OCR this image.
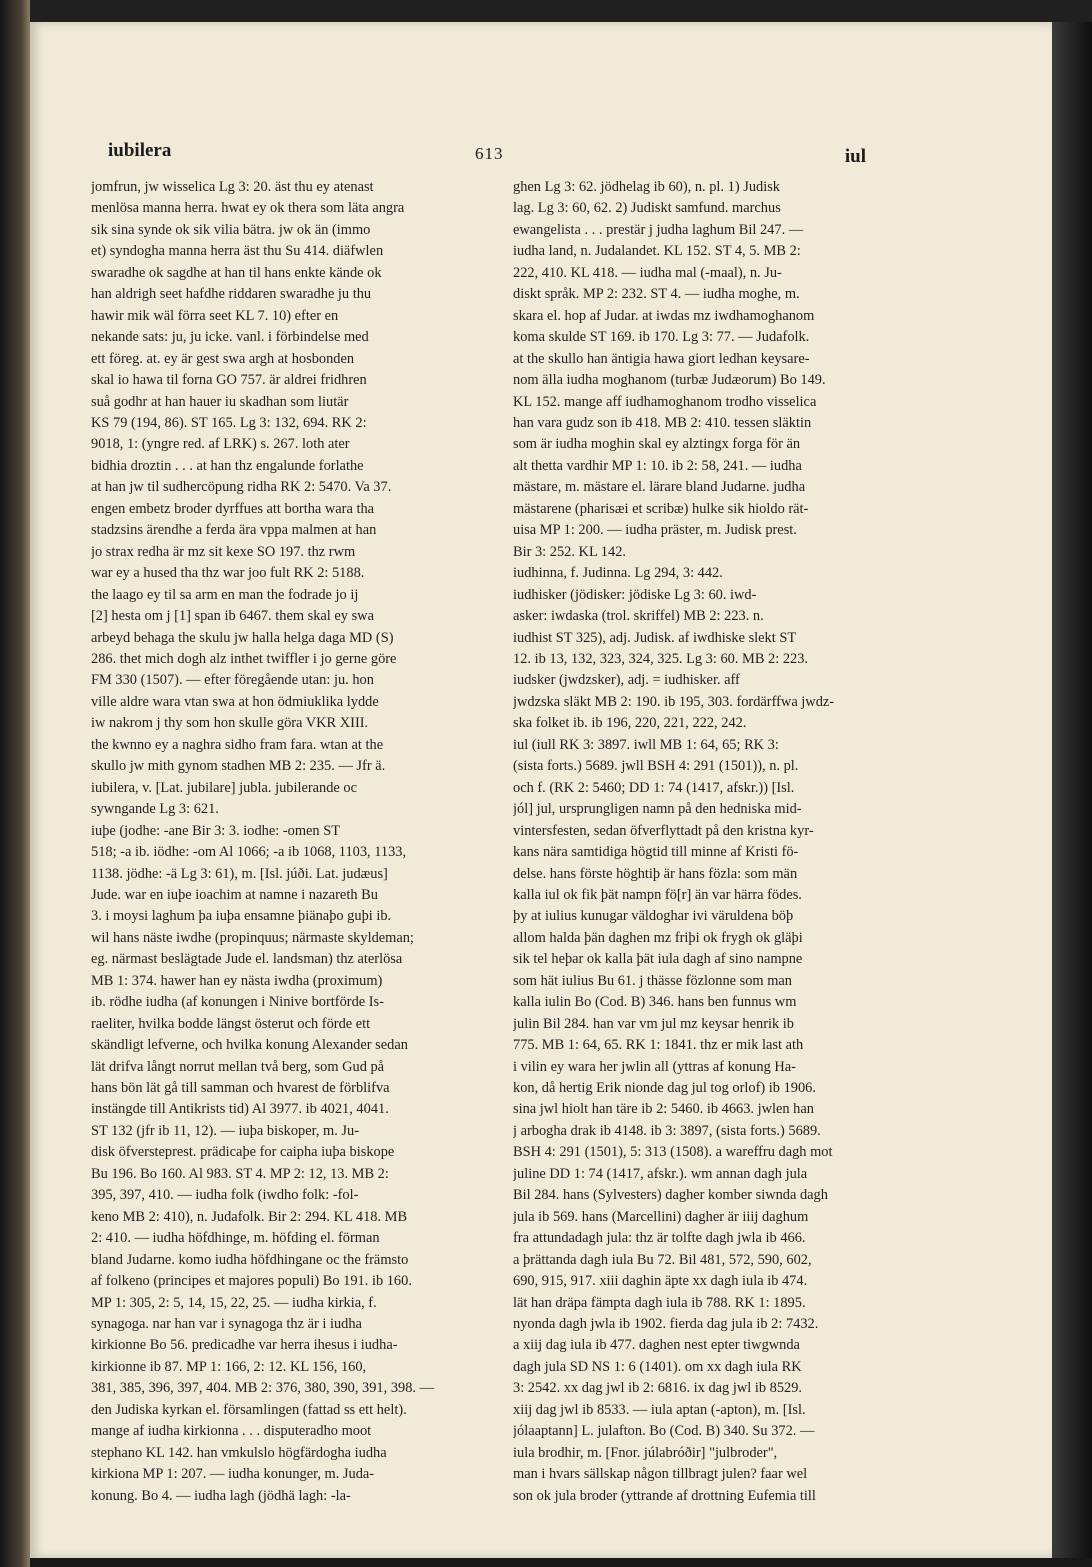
iubilera	613	iul
jomfrun, jw wisselica Lg 3: 20. äst thu ey atenast
menlösa manna herra. hwat ey ok thera som läta angra
sik sina synde ok sik vilia bätra. jw ok än (immo
et) syndogha manna herra äst thu Su 414. diäfwlen
swaradhe ok sagdhe at han til hans enkte kände ok
han aldrigh seet hafdhe riddaren swaradhe ju thu
hawir mik wäl förra seet KL 7. 10) efter en
nekande sats: ju, ju icke. vanl. i förbindelse med
ett föreg. at. ey är gest swa argh at hosbonden
skal io hawa til forna GO 757. är aldrei fridhren
suå godhr at han hauer iu skadhan som liutär
KS 79 (194, 86). ST 165. Lg 3: 132, 694. RK 2:
9018, 1: (yngre red. af LRK) s. 267. loth ater
bidhia droztin . . . at han thz engalunde forlathe
at han jw til sudhercöpung ridha RK 2: 5470. Va 37.
engen embetz broder dyrffues att bortha wara tha
stadzsins ärendhe a ferda ära vppa malmen at han
jo strax redha är mz sit kexe SO 197. thz rwm
war ey a hused tha thz war joo fult RK 2: 5188.
the laago ey til sa arm en man the fodrade jo ij
[2] hesta om j [1] span ib 6467. them skal ey swa
arbeyd behaga the skulu jw halla helga daga MD (S)
286. thet mich dogh alz inthet twiffler i jo gerne göre
FM 330 (1507). — efter föregående utan: ju. hon
ville aldre wara vtan swa at hon ödmiuklika lydde
iw nakrom j thy som hon skulle göra VKR XIII.
the kwnno ey a naghra sidho fram fara. wtan at the
skullo jw mith gynom stadhen MB 2: 235. — Jfr ä.
iubilera, v. [Lat. jubilare] jubla. jubilerande oc
sywngande Lg 3: 621.
iuþe (jodhe: -ane Bir 3: 3. iodhe: -omen ST
518; -a ib. iödhe: -om Al 1066; -a ib 1068, 1103, 1133,
1138. jödhe: -ä Lg 3: 61), m. [Isl. júði. Lat. judæus]
Jude. war en iuþe ioachim at namne i nazareth Bu
3. i moysi laghum þa iuþa ensamne þiänaþo guþi ib.
wil hans näste iwdhe (propinquus; närmaste skyldeman;
eg. närmast beslägtade Jude el. landsman) thz aterlösa
MB 1: 374. hawer han ey nästa iwdha (proximum)
ib. rödhe iudha (af konungen i Ninive bortförde Is-
raeliter, hvilka bodde längst österut och förde ett
skändligt lefverne, och hvilka konung Alexander sedan
lät drifva långt norrut mellan två berg, som Gud på
hans bön lät gå till samman och hvarest de förblifva
instängde till Antikrists tid) Al 3977. ib 4021, 4041.
ST 132 (jfr ib 11, 12). — iuþa biskoper, m. Ju-
disk öfversteprest. prädicaþe for caipha iuþa biskope
Bu 196. Bo 160. Al 983. ST 4. MP 2: 12, 13. MB 2:
395, 397, 410. — iudha folk (iwdho folk: -fol-
keno MB 2: 410), n. Judafolk. Bir 2: 294. KL 418. MB
2: 410. — iudha höfdhinge, m. höfding el. förman
bland Judarne. komo iudha höfdhingane oc the främsto
af folkeno (principes et majores populi) Bo 191. ib 160.
MP 1: 305, 2: 5, 14, 15, 22, 25. — iudha kirkia, f.
synagoga. nar han var i synagoga thz är i iudha
kirkionne Bo 56. predicadhe var herra ihesus i iudha-
kirkionne ib 87. MP 1: 166, 2: 12. KL 156, 160,
381, 385, 396, 397, 404. MB 2: 376, 380, 390, 391, 398. —
den Judiska kyrkan el. församlingen (fattad ss ett helt).
mange af iudha kirkionna . . . disputeradho moot
stephano KL 142. han vmkulslo högfärdogha iudha
kirkiona MP 1: 207. — iudha konunger, m. Juda-
konung. Bo 4. — iudha lagh (jödhä lagh: -la-
ghen Lg 3: 62. jödhelag ib 60), n. pl. 1) Judisk
lag. Lg 3: 60, 62. 2) Judiskt samfund. marchus
ewangelista . . . prestär j judha laghum Bil 247. —
iudha land, n. Judalandet. KL 152. ST 4, 5. MB 2:
222, 410. KL 418. — iudha mal (-maal), n. Ju-
diskt språk. MP 2: 232. ST 4. — iudha moghe, m.
skara el. hop af Judar. at iwdas mz iwdhamoghanom
koma skulde ST 169. ib 170. Lg 3: 77. — Judafolk.
at the skullo han äntigia hawa giort ledhan keysare-
nom älla iudha moghanom (turbæ Judæorum) Bo 149.
KL 152. mange aff iudhamoghanom trodho visselica
han vara gudz son ib 418. MB 2: 410. tessen släktin
som är iudha moghin skal ey alztingx forga för än
alt thetta vardhir MP 1: 10. ib 2: 58, 241. — iudha
mästare, m. mästare el. lärare bland Judarne. judha
mästarene (pharisæi et scribæ) hulke sik hioldo rät-
uisa MP 1: 200. — iudha präster, m. Judisk prest.
Bir 3: 252. KL 142.
iudhinna, f. Judinna. Lg 294, 3: 442.
iudhisker (jödisker: jödiske Lg 3: 60. iwd-
asker: iwdaska (trol. skriffel) MB 2: 223. n.
iudhist ST 325), adj. Judisk. af iwdhiske slekt ST
12. ib 13, 132, 323, 324, 325. Lg 3: 60. MB 2: 223.
iudsker (jwdzsker), adj. = iudhisker. aff
jwdzska släkt MB 2: 190. ib 195, 303. fordärffwa jwdz-
ska folket ib. ib 196, 220, 221, 222, 242.
iul (iull RK 3: 3897. iwll MB 1: 64, 65; RK 3:
(sista forts.) 5689. jwll BSH 4: 291 (1501)), n. pl.
och f. (RK 2: 5460; DD 1: 74 (1417, afskr.)) [Isl.
jól] jul, ursprungligen namn på den hedniska mid-
vintersfesten, sedan öfverflyttadt på den kristna kyr-
kans nära samtidiga högtid till minne af Kristi fö-
delse. hans förste höghtiþ är hans fözla: som män
kalla iul ok fik þät nampn fö[r] än var härra födes.
þy at iulius kunugar väldoghar ivi väruldena böþ
allom halda þän daghen mz friþi ok frygh ok gläþi
sik tel heþar ok kalla þät iula dagh af sino nampne
som hät iulius Bu 61. j thässe fözlonne som man
kalla iulin Bo (Cod. B) 346. hans ben funnus wm
julin Bil 284. han var vm jul mz keysar henrik ib
775. MB 1: 64, 65. RK 1: 1841. thz er mik last ath
i vilin ey wara her jwlin all (yttras af konung Ha-
kon, då hertig Erik nionde dag jul tog orlof) ib 1906.
sina jwl hiolt han täre ib 2: 5460. ib 4663. jwlen han
j arbogha drak ib 4148. ib 3: 3897, (sista forts.) 5689.
BSH 4: 291 (1501), 5: 313 (1508). a wareffru dagh mot
juline DD 1: 74 (1417, afskr.). wm annan dagh jula
Bil 284. hans (Sylvesters) dagher komber siwnda dagh
jula ib 569. hans (Marcellini) dagher är iiij daghum
fra attundadagh jula: thz är tolfte dagh jwla ib 466.
a þrättanda dagh iula Bu 72. Bil 481, 572, 590, 602,
690, 915, 917. xiii daghin äpte xx dagh iula ib 474.
lät han dräpa fämpta dagh iula ib 788. RK 1: 1895.
nyonda dagh jwla ib 1902. fierda dag jula ib 2: 7432.
a xiij dag iula ib 477. daghen nest epter tiwgwnda
dagh jula SD NS 1: 6 (1401). om xx dagh iula RK
3: 2542. xx dag jwl ib 2: 6816. ix dag jwl ib 8529.
xiij dag jwl ib 8533. — iula aptan (-apton), m. [Isl.
jólaaptann] L. julafton. Bo (Cod. B) 340. Su 372. —
iula brodhir, m. [Fnor. júlabróðir] "julbroder",
man i hvars sällskap någon tillbragt julen? faar wel
son ok jula broder (yttrande af drottning Eufemia till
